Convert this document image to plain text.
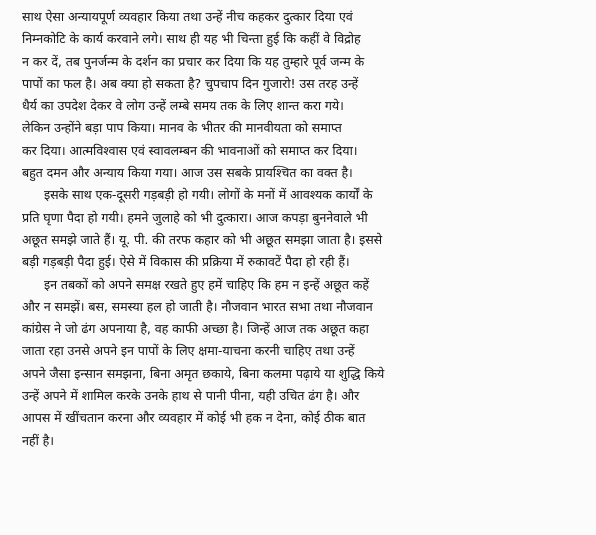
साथ ऐसा अन्यायपूर्ण व्यवहार किया तथा उन्हें नीच कहकर दुत्कार दिया एवं
निम्नकोटि के कार्य करवाने लगे। साथ ही यह भी चिन्ता हुई कि कहीं वे विद्रोह
न कर दें, तब पुनर्जन्म के दर्शन का प्रचार कर दिया कि यह तुम्हारे पूर्व जन्म के
पापों का फल है। अब क्या हो सकता है? चुपचाप दिन गुजारो! उस तरह उन्हें
धैर्य का उपदेश देकर वे लोग उन्हें लम्बे समय तक के लिए शान्त करा गये।
लेकिन उन्होंने बड़ा पाप किया। मानव के भीतर की मानवीयता को समाप्त
कर दिया। आत्मविश्वास एवं स्वावलम्बन की भावनाओं को समाप्त कर दिया।
बहुत दमन और अन्याय किया गया। आज उस सबके प्रायश्चित का वक्त है।
इसके साथ एक-दूसरी गड़बड़ी हो गयी। लोगों के मनों में आवश्यक कार्यों के
प्रति घृणा पैदा हो गयी। हमने जुलाहे को भी दुत्कारा। आज कपड़ा बुननेवाले भी
अछूत समझे जाते हैं। यू. पी. की तरफ कहार को भी अछूत समझा जाता है। इससे
बड़ी गड़बड़ी पैदा हुई। ऐसे में विकास की प्रक्रिया में रुकावटें पैदा हो रही हैं।
इन तबकों को अपने समक्ष रखते हुए हमें चाहिए कि हम न इन्हें अछूत कहें
और न समझें। बस, समस्या हल हो जाती है। नौजवान भारत सभा तथा नौजवान
कांग्रेस ने जो ढंग अपनाया है, वह काफी अच्छा है। जिन्हें आज तक अछूत कहा
जाता रहा उनसे अपने इन पापों के लिए क्षमा-याचना करनी चाहिए तथा उन्हें
अपने जैसा इन्सान समझना, बिना अमृत छकाये, बिना कलमा पढ़ाये या शुद्धि किये
उन्हें अपने में शामिल करके उनके हाथ से पानी पीना, यही उचित ढंग है। और
आपस में खींचतान करना और व्यवहार में कोई भी हक न देना, कोई ठीक बात
नहीं है।
